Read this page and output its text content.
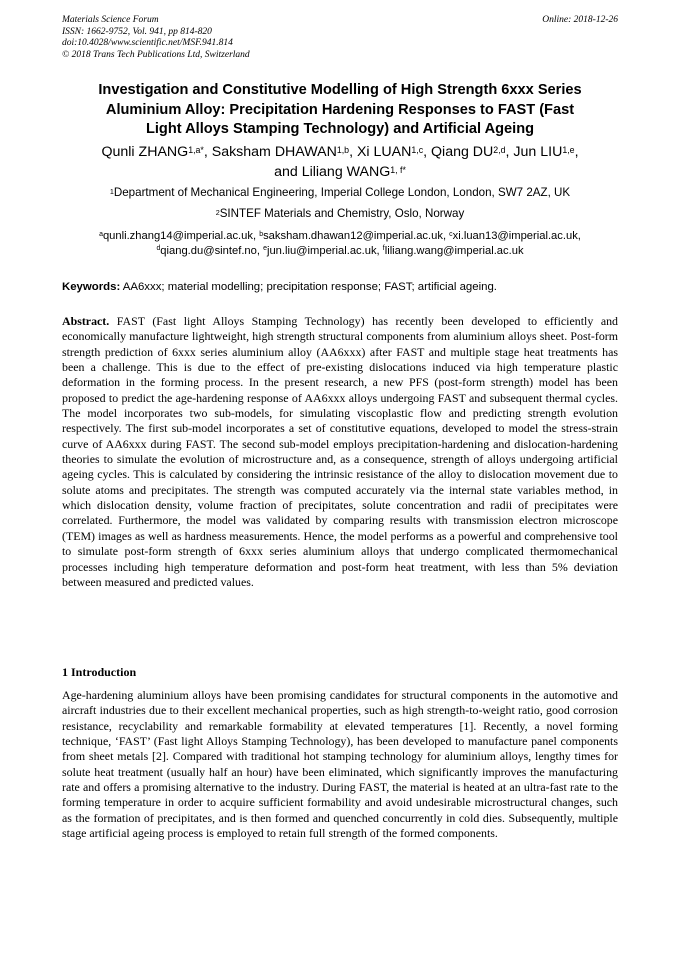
Materials Science Forum
ISSN: 1662-9752, Vol. 941, pp 814-820
doi:10.4028/www.scientific.net/MSF.941.814
© 2018 Trans Tech Publications Ltd, Switzerland
Online: 2018-12-26
Investigation and Constitutive Modelling of High Strength 6xxx Series
Aluminium Alloy: Precipitation Hardening Responses to FAST (Fast
Light Alloys Stamping Technology) and Artificial Ageing
Qunli $ZHANG^{1,a*}$, Saksham DHAWAN$^{1,b}$, Xi LUAN$^{1,c}$, Qiang DU$^{2,d}$, Jun LIU$^{1,e}$,
and Liliang $WANG^{1, f*}$
$^1$Department of Mechanical Engineering, Imperial College London, London, SW7 2AZ, UK
$^2$SINTEF Materials and Chemistry, Oslo, Norway
$^a$qunli.zhang14@imperial.ac.uk, $^b$saksham.dhawan12@imperial.ac.uk, $^c$xi.luan13@imperial.ac.uk,
$^d$qiang.du@sintef.no, $^e$jun.liu@imperial.ac.uk, $^f$liliang.wang@imperial.ac.uk
Keywords: AA6xxx; material modelling; precipitation response; FAST; artificial ageing.

Abstract. FAST (Fast light Alloys Stamping Technology) has recently been developed to efficiently and economically manufacture lightweight, high strength structural components from aluminium alloys sheet. Post-form strength prediction of 6xxx series aluminium alloy (AA6xxx) after FAST and multiple stage heat treatments has been a challenge. This is due to the effect of pre-existing dislocations induced via high temperature plastic deformation in the forming process. In the present research, a new PFS (post-form strength) model has been proposed to predict the age-hardening response of AA6xxx alloys undergoing FAST and subsequent thermal cycles. The model incorporates two sub-models, for simulating viscoplastic flow and predicting strength evolution respectively. The first sub-model incorporates a set of constitutive equations, developed to model the stress-strain curve of AA6xxx during FAST. The second sub-model employs precipitation-hardening and dislocation-hardening theories to simulate the evolution of microstructure and, as a consequence, strength of alloys undergoing artificial ageing cycles. This is calculated by considering the intrinsic resistance of the alloy to dislocation movement due to solute atoms and precipitates. The strength was computed accurately via the internal state variables method, in which dislocation density, volume fraction of precipitates, solute concentration and radii of precipitates were correlated. Furthermore, the model was validated by comparing results with transmission electron microscope (TEM) images as well as hardness measurements. Hence, the model performs as a powerful and comprehensive tool to simulate post-form strength of 6xxx series aluminium alloys that undergo complicated thermomechanical processes including high temperature deformation and post-form heat treatment, with less than 5% deviation between measured and predicted values.

1 Introduction

Age-hardening aluminium alloys have been promising candidates for structural components in the automotive and aircraft industries due to their excellent mechanical properties, such as high strength-to-weight ratio, good corrosion resistance, recyclability and remarkable formability at elevated temperatures [1]. Recently, a novel forming technique, ‘FAST’ (Fast light Alloys Stamping Technology), has been developed to manufacture panel components from sheet metals [2]. Compared with traditional hot stamping technology for aluminium alloys, lengthy times for solute heat treatment (usually half an hour) have been eliminated, which significantly improves the manufacturing rate and offers a promising alternative to the industry. During FAST, the material is heated at an ultra-fast rate to the forming temperature in order to acquire sufficient formability and avoid undesirable microstructural changes, such as the formation of precipitates, and is then formed and quenched concurrently in cold dies. Subsequently, multiple stage artificial ageing process is employed to retain full strength of the formed components.
